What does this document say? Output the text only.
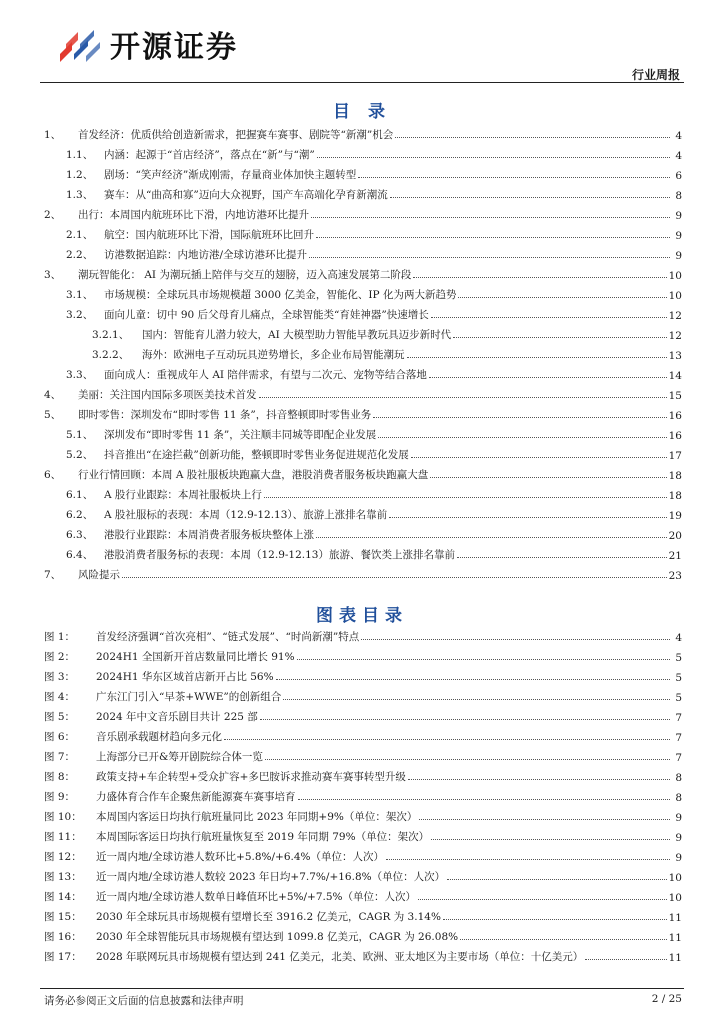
开源证券
行业周报
目 录
1、	首发经济：优质供给创造新需求，把握赛车赛事、剧院等“新潮”机会	4
1.1、	内涵：起源于“首店经济”，落点在“新”与“潮”	4
1.2、	剧场：“笑声经济”渐成刚需，存量商业体加快主题转型	6
1.3、	赛车：从“曲高和寡”迈向大众视野，国产车高端化孕育新潮流	8
2、	出行：本周国内航班环比下滑，内地访港环比提升	9
2.1、	航空：国内航班环比下滑，国际航班环比回升	9
2.2、	访港数据追踪：内地访港/全球访港环比提升	9
3、	潮玩智能化： AI 为潮玩插上陪伴与交互的翅膀，迈入高速发展第二阶段	10
3.1、	市场规模：全球玩具市场规模超 3000 亿美金，智能化、IP 化为两大新趋势	10
3.2、	面向儿童：切中 90 后父母育儿痛点，全球智能类“育娃神器”快速增长	12
3.2.1、	国内：智能育儿潜力较大，AI 大模型助力智能早教玩具迈步新时代	12
3.2.2、	海外：欧洲电子互动玩具逆势增长，多企业布局智能潮玩	13
3.3、	面向成人：重视成年人 AI 陪伴需求，有望与二次元、宠物等结合落地	14
4、	美丽：关注国内国际多项医美技术首发	15
5、	即时零售：深圳发布“即时零售 11 条”，抖音整顿即时零售业务	16
5.1、	深圳发布“即时零售 11 条”，关注顺丰同城等即配企业发展	16
5.2、	抖音推出“在途拦截”创新功能，整顿即时零售业务促进规范化发展	17
6、	行业行情回顾：本周 A 股社服板块跑赢大盘，港股消费者服务板块跑赢大盘	18
6.1、	A 股行业跟踪：本周社服板块上行	18
6.2、	A 股社服标的表现：本周（12.9-12.13）、旅游上涨排名靠前	19
6.3、	港股行业跟踪：本周消费者服务板块整体上涨	20
6.4、	港股消费者服务标的表现：本周（12.9-12.13）旅游、餐饮类上涨排名靠前	21
7、	风险提示	23
图表目录
图 1：	首发经济强调“首次亮相”、“链式发展”、“时尚新潮”特点	4
图 2：	2024H1 全国新开首店数量同比增长 91%	5
图 3：	2024H1 华东区域首店新开占比 56%	5
图 4：	广东江门引入“早茶+WWE”的创新组合	5
图 5：	2024 年中文音乐剧目共计 225 部	7
图 6：	音乐剧承载题材趋向多元化	7
图 7：	上海部分已开&筹开剧院综合体一览	7
图 8：	政策支持+车企转型+受众扩容+多巴胺诉求推动赛车赛事转型升级	8
图 9：	力盛体育合作车企聚焦新能源赛车赛事培育	8
图 10：	本周国内客运日均执行航班量同比 2023 年同期+9%（单位：架次）	9
图 11：	本周国际客运日均执行航班量恢复至 2019 年同期 79%（单位：架次）	9
图 12：	近一周内地/全球访港人数环比+5.8%/+6.4%（单位：人次）	9
图 13：	近一周内地/全球访港人数较 2023 年日均+7.7%/+16.8%（单位：人次）	10
图 14：	近一周内地/全球访港人数单日峰值环比+5%/+7.5%（单位：人次）	10
图 15：	2030 年全球玩具市场规模有望增长至 3916.2 亿美元，CAGR 为 3.14%	11
图 16：	2030 年全球智能玩具市场规模有望达到 1099.8 亿美元，CAGR 为 26.08%	11
图 17：	2028 年联网玩具市场规模有望达到 241 亿美元，北美、欧洲、亚太地区为主要市场（单位：十亿美元）	11
请务必参阅正文后面的信息披露和法律声明	2 / 25
